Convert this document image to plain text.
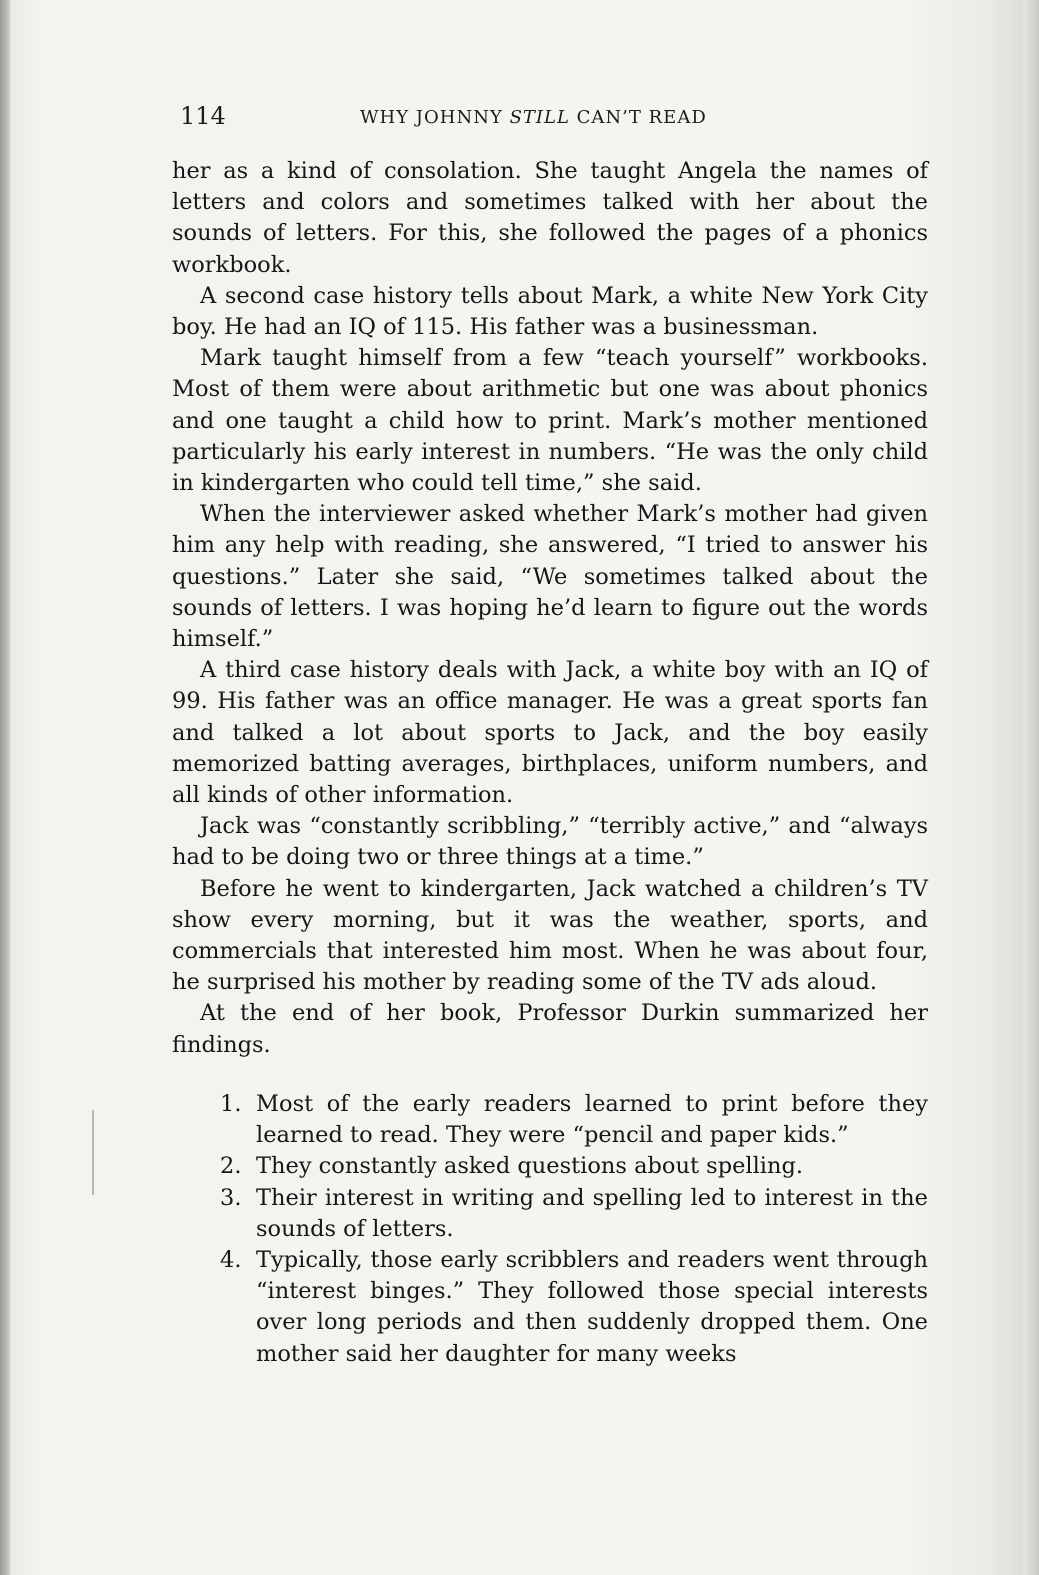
114	WHY JOHNNY STILL CAN’T READ

her as a kind of consolation. She taught Angela the names of letters and colors and sometimes talked with her about the sounds of letters. For this, she followed the pages of a phonics workbook.

A second case history tells about Mark, a white New York City boy. He had an IQ of 115. His father was a businessman.

Mark taught himself from a few “teach yourself” workbooks. Most of them were about arithmetic but one was about phonics and one taught a child how to print. Mark’s mother mentioned particularly his early interest in numbers. “He was the only child in kindergarten who could tell time,” she said.

When the interviewer asked whether Mark’s mother had given him any help with reading, she answered, “I tried to answer his questions.” Later she said, “We sometimes talked about the sounds of letters. I was hoping he’d learn to figure out the words himself.”

A third case history deals with Jack, a white boy with an IQ of 99. His father was an office manager. He was a great sports fan and talked a lot about sports to Jack, and the boy easily memorized batting averages, birthplaces, uniform numbers, and all kinds of other information.

Jack was “constantly scribbling,” “terribly active,” and “always had to be doing two or three things at a time.”

Before he went to kindergarten, Jack watched a children’s TV show every morning, but it was the weather, sports, and commercials that interested him most. When he was about four, he surprised his mother by reading some of the TV ads aloud.

At the end of her book, Professor Durkin summarized her findings.

1. Most of the early readers learned to print before they learned to read. They were “pencil and paper kids.”
2. They constantly asked questions about spelling.
3. Their interest in writing and spelling led to interest in the sounds of letters.
4. Typically, those early scribblers and readers went through “interest binges.” They followed those special interests over long periods and then suddenly dropped them. One mother said her daughter for many weeks
